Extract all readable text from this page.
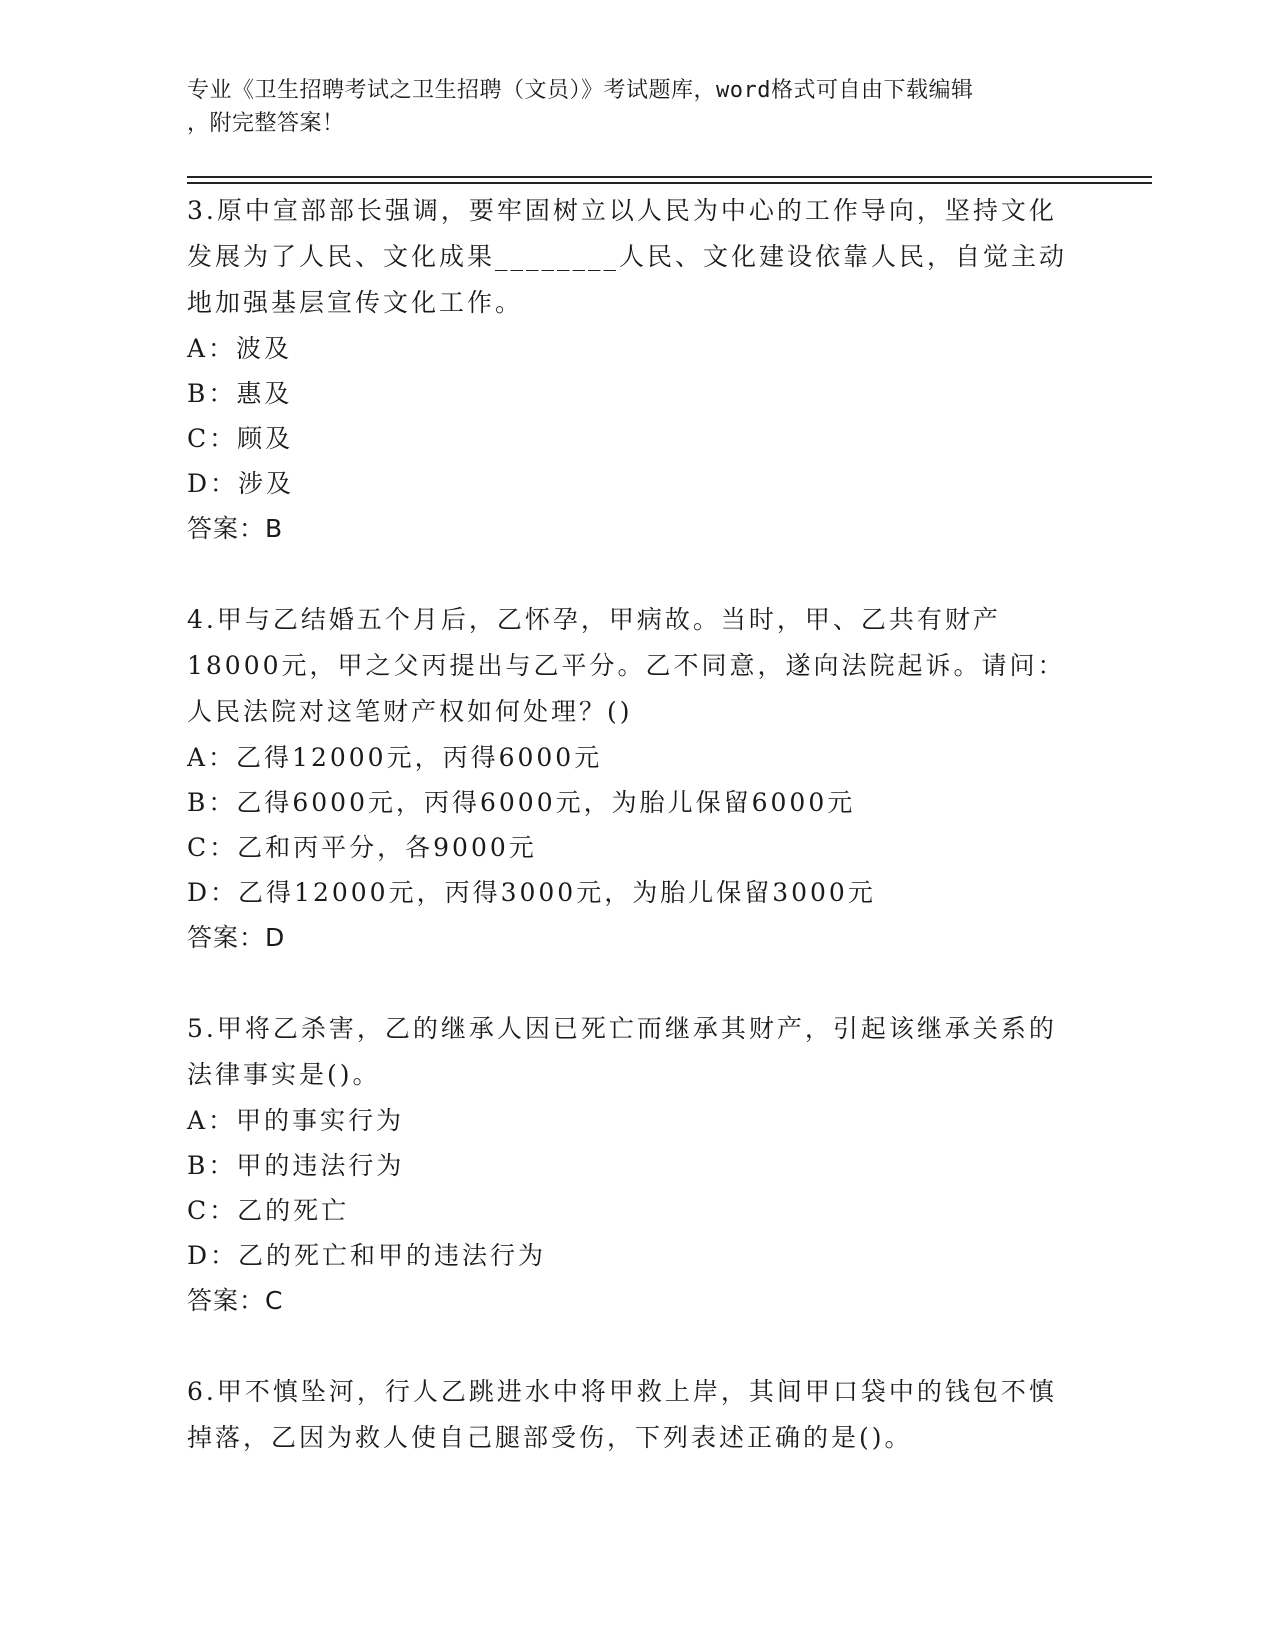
专业《卫生招聘考试之卫生招聘（文员）》考试题库，word格式可自由下载编辑
，附完整答案！

3.原中宣部部长强调，要牢固树立以人民为中心的工作导向，坚持文化发展为了人民、文化成果________人民、文化建设依靠人民，自觉主动地加强基层宣传文化工作。

A：波及

B：惠及

C：顾及

D：涉及

答案：B

4.甲与乙结婚五个月后，乙怀孕，甲病故。当时，甲、乙共有财产18000元，甲之父丙提出与乙平分。乙不同意，遂向法院起诉。请问：人民法院对这笔财产权如何处理？()

A：乙得12000元，丙得6000元

B：乙得6000元，丙得6000元，为胎儿保留6000元

C：乙和丙平分，各9000元

D：乙得12000元，丙得3000元，为胎儿保留3000元

答案：D

5.甲将乙杀害，乙的继承人因已死亡而继承其财产，引起该继承关系的法律事实是()。

A：甲的事实行为

B：甲的违法行为

C：乙的死亡

D：乙的死亡和甲的违法行为

答案：C

6.甲不慎坠河，行人乙跳进水中将甲救上岸，其间甲口袋中的钱包不慎掉落，乙因为救人使自己腿部受伤，下列表述正确的是()。
